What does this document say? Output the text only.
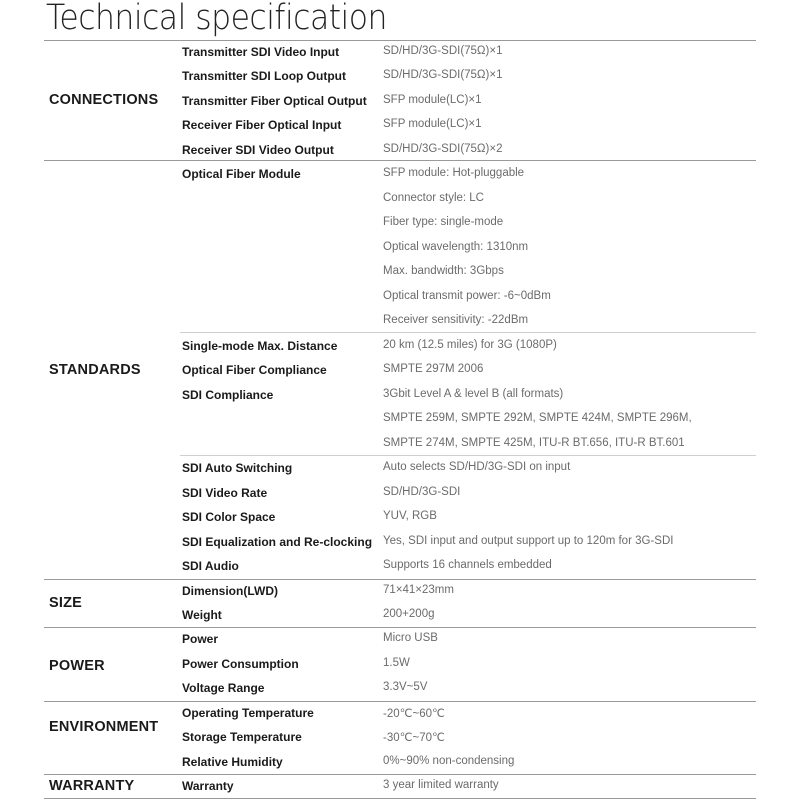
Technical specification
CONNECTIONS
Transmitter SDI Video Input	SD/HD/3G-SDI(75Ω)×1
Transmitter SDI Loop Output	SD/HD/3G-SDI(75Ω)×1
Transmitter Fiber Optical Output SFP module(LC)×1
Receiver Fiber Optical Input	SFP module(LC)×1
Receiver SDI Video Output	SD/HD/3G-SDI(75Ω)×2
STANDARDS
Optical Fiber Module	SFP module: Hot-pluggable
Connector style: LC
Fiber type: single-mode
Optical wavelength: 1310nm
Max. bandwidth: 3Gbps
Optical transmit power: -6~0dBm
Receiver sensitivity: -22dBm
Single-mode Max. Distance	20 km (12.5 miles) for 3G (1080P)
Optical Fiber Compliance	SMPTE 297M 2006
SDI Compliance	3Gbit Level A & level B (all formats)
SMPTE 259M, SMPTE 292M, SMPTE 424M, SMPTE 296M,
SMPTE 274M, SMPTE 425M, ITU-R BT.656, ITU-R BT.601
SDI Auto Switching	Auto selects SD/HD/3G-SDI on input
SDI Video Rate	SD/HD/3G-SDI
SDI Color Space	YUV, RGB
SDI Equalization and Re-clocking Yes, SDI input and output support up to 120m for 3G-SDI
SDI Audio	Supports 16 channels embedded
SIZE
Dimension(LWD)	71×41×23mm
Weight	200+200g
POWER
Power	Micro USB
Power Consumption	1.5W
Voltage Range	3.3V~5V
ENVIRONMENT
Operating Temperature	-20℃~60℃
Storage Temperature	-30℃~70℃
Relative Humidity	0%~90% non-condensing
WARRANTY	Warranty	3 year limited warranty
